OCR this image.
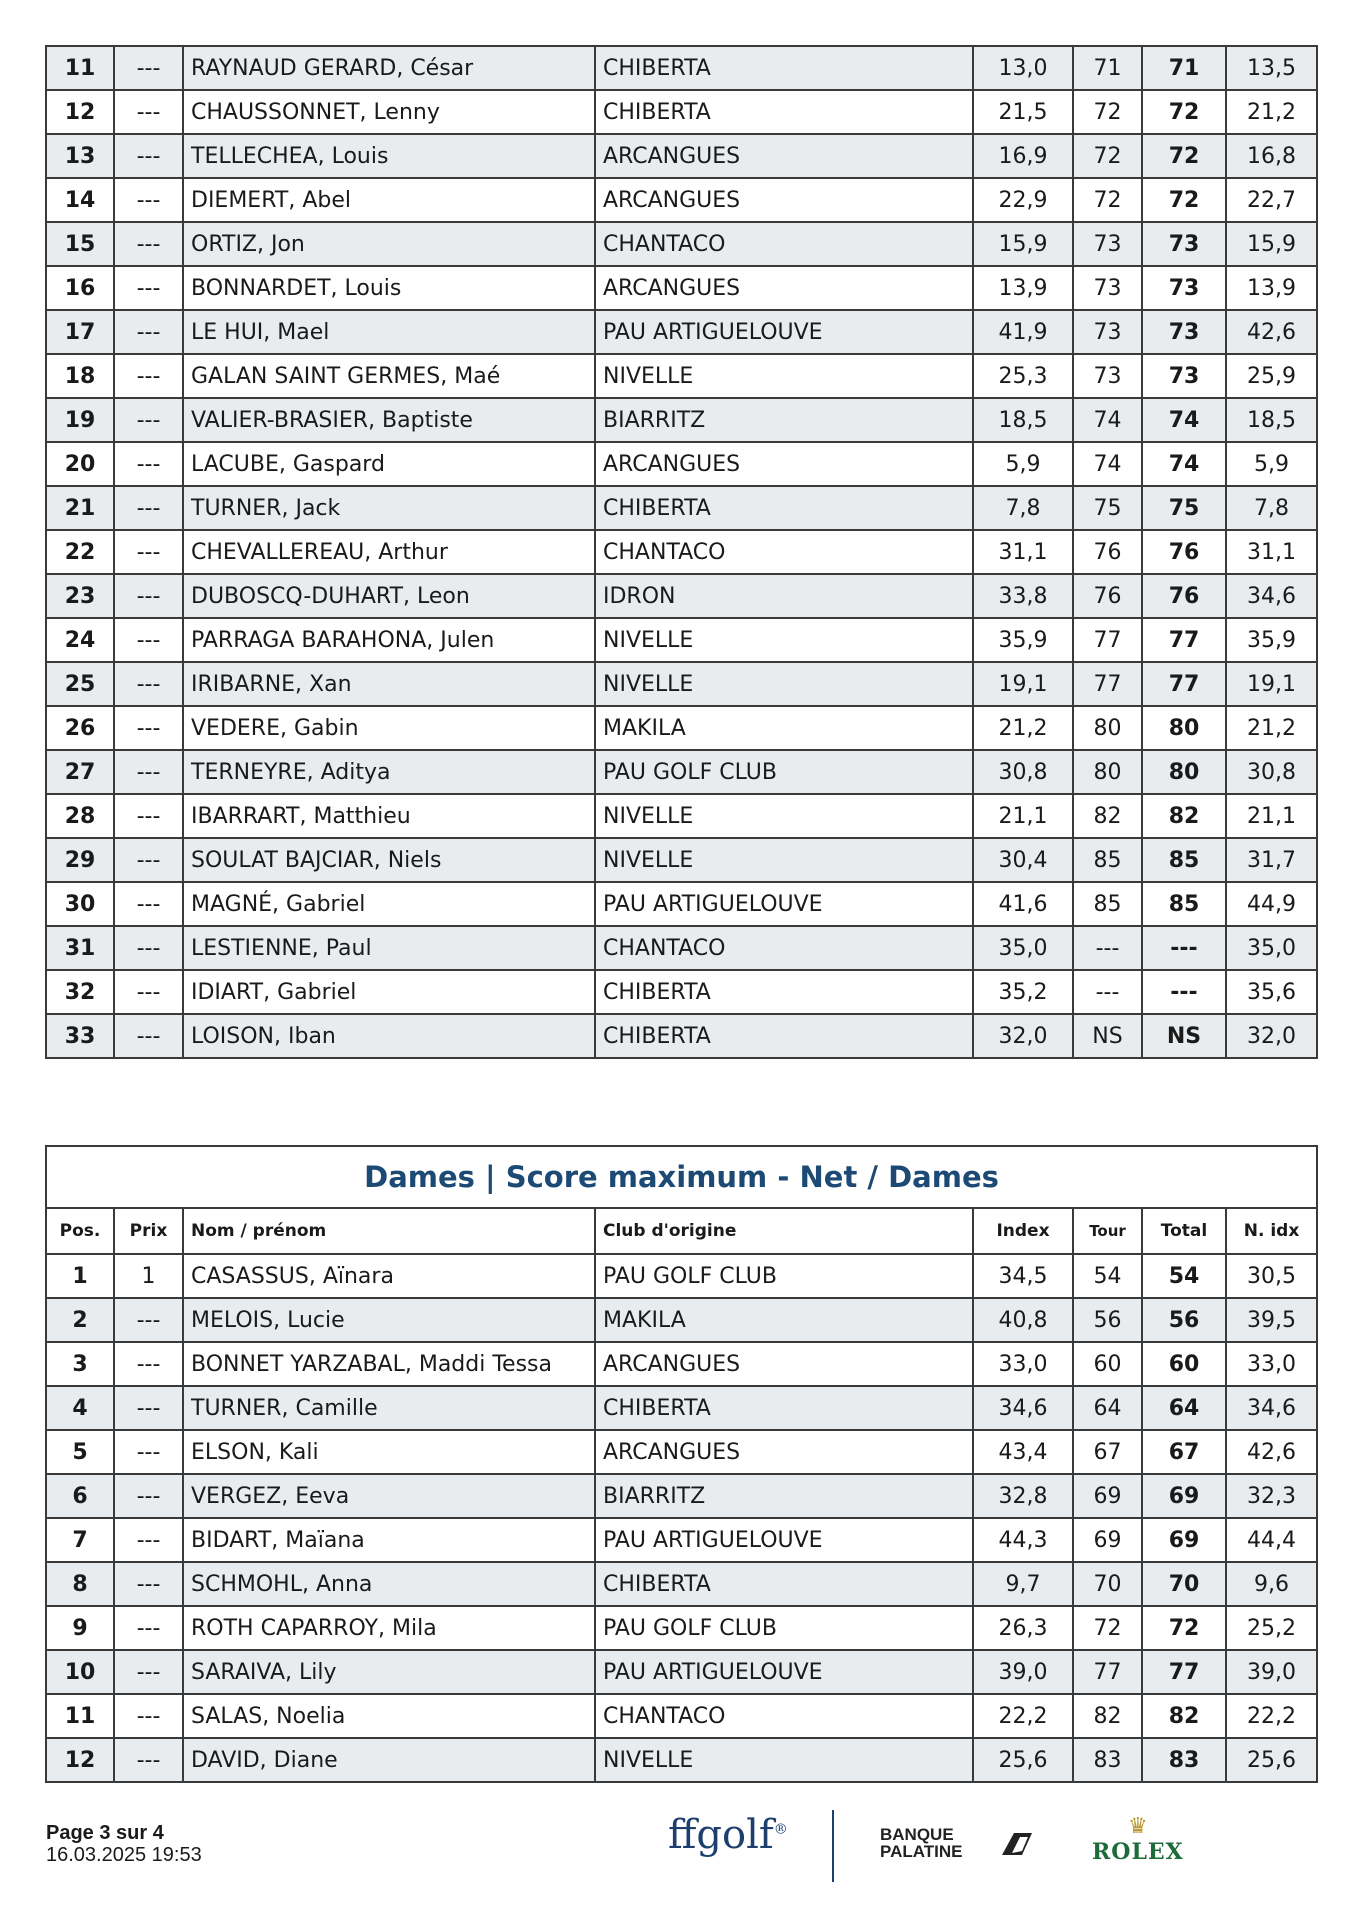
11	---	RAYNAUD GERARD, César	CHIBERTA	13,0	71	71	13,5
12	---	CHAUSSONNET, Lenny	CHIBERTA	21,5	72	72	21,2
13	---	TELLECHEA, Louis	ARCANGUES	16,9	72	72	16,8
14	---	DIEMERT, Abel	ARCANGUES	22,9	72	72	22,7
15	---	ORTIZ, Jon	CHANTACO	15,9	73	73	15,9
16	---	BONNARDET, Louis	ARCANGUES	13,9	73	73	13,9
17	---	LE HUI, Mael	PAU ARTIGUELOUVE	41,9	73	73	42,6
18	---	GALAN SAINT GERMES, Maé	NIVELLE	25,3	73	73	25,9
19	---	VALIER-BRASIER, Baptiste	BIARRITZ	18,5	74	74	18,5
20	---	LACUBE, Gaspard	ARCANGUES	5,9	74	74	5,9
21	---	TURNER, Jack	CHIBERTA	7,8	75	75	7,8
22	---	CHEVALLEREAU, Arthur	CHANTACO	31,1	76	76	31,1
23	---	DUBOSCQ-DUHART, Leon	IDRON	33,8	76	76	34,6
24	---	PARRAGA BARAHONA, Julen	NIVELLE	35,9	77	77	35,9
25	---	IRIBARNE, Xan	NIVELLE	19,1	77	77	19,1
26	---	VEDERE, Gabin	MAKILA	21,2	80	80	21,2
27	---	TERNEYRE, Aditya	PAU GOLF CLUB	30,8	80	80	30,8
28	---	IBARRART, Matthieu	NIVELLE	21,1	82	82	21,1
29	---	SOULAT BAJCIAR, Niels	NIVELLE	30,4	85	85	31,7
30	---	MAGNÉ, Gabriel	PAU ARTIGUELOUVE	41,6	85	85	44,9
31	---	LESTIENNE, Paul	CHANTACO	35,0	---	---	35,0
32	---	IDIART, Gabriel	CHIBERTA	35,2	---	---	35,6
33	---	LOISON, Iban	CHIBERTA	32,0	NS	NS	32,0
Dames | Score maximum - Net / Dames							
Pos.	Prix	Nom / prénom	Club d'origine	Index	Tour	Total	N. idx
1	1	CASASSUS, Aïnara	PAU GOLF CLUB	34,5	54	54	30,5
2	---	MELOIS, Lucie	MAKILA	40,8	56	56	39,5
3	---	BONNET YARZABAL, Maddi Tessa	ARCANGUES	33,0	60	60	33,0
4	---	TURNER, Camille	CHIBERTA	34,6	64	64	34,6
5	---	ELSON, Kali	ARCANGUES	43,4	67	67	42,6
6	---	VERGEZ, Eeva	BIARRITZ	32,8	69	69	32,3
7	---	BIDART, Maïana	PAU ARTIGUELOUVE	44,3	69	69	44,4
8	---	SCHMOHL, Anna	CHIBERTA	9,7	70	70	9,6
9	---	ROTH CAPARROY, Mila	PAU GOLF CLUB	26,3	72	72	25,2
10	---	SARAIVA, Lily	PAU ARTIGUELOUVE	39,0	77	77	39,0
11	---	SALAS, Noelia	CHANTACO	22,2	82	82	22,2
12	---	DAVID, Diane	NIVELLE	25,6	83	83	25,6
Page 3 sur 4
16.03.2025 19:53	ffgolf®	BANQUE
PALATINE
♛
ROLEX
